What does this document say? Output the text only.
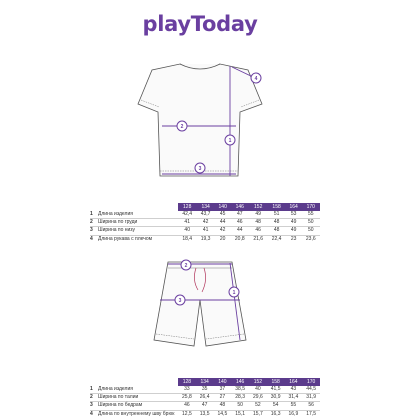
playToday
1
2
3
4
1
2
3
		128	134	140	146	152	158	164	170
1	Длина изделия	42,4	43,7	45	47	49	51	53	55
2	Ширина по груди	41	42	44	46	48	48	49	50
3	Ширина по низу	40	41	42	44	46	48	49	50
4	Длина рукава с плечом	18,4	19,3	20	20,8	21,6	22,4	23	23,6
		128	134	140	146	152	158	164	170
1	Длина изделия	33	35	37	38,5	40	41,5	43	44,5
2	Ширина по талии	25,8	26,4	27	28,3	29,6	30,9	31,4	31,9
3	Ширина по бедрам	46	47	48	50	52	54	55	56
4	Длина по внутреннему шву брюк	12,5	13,5	14,5	15,1	15,7	16,3	16,9	17,5
